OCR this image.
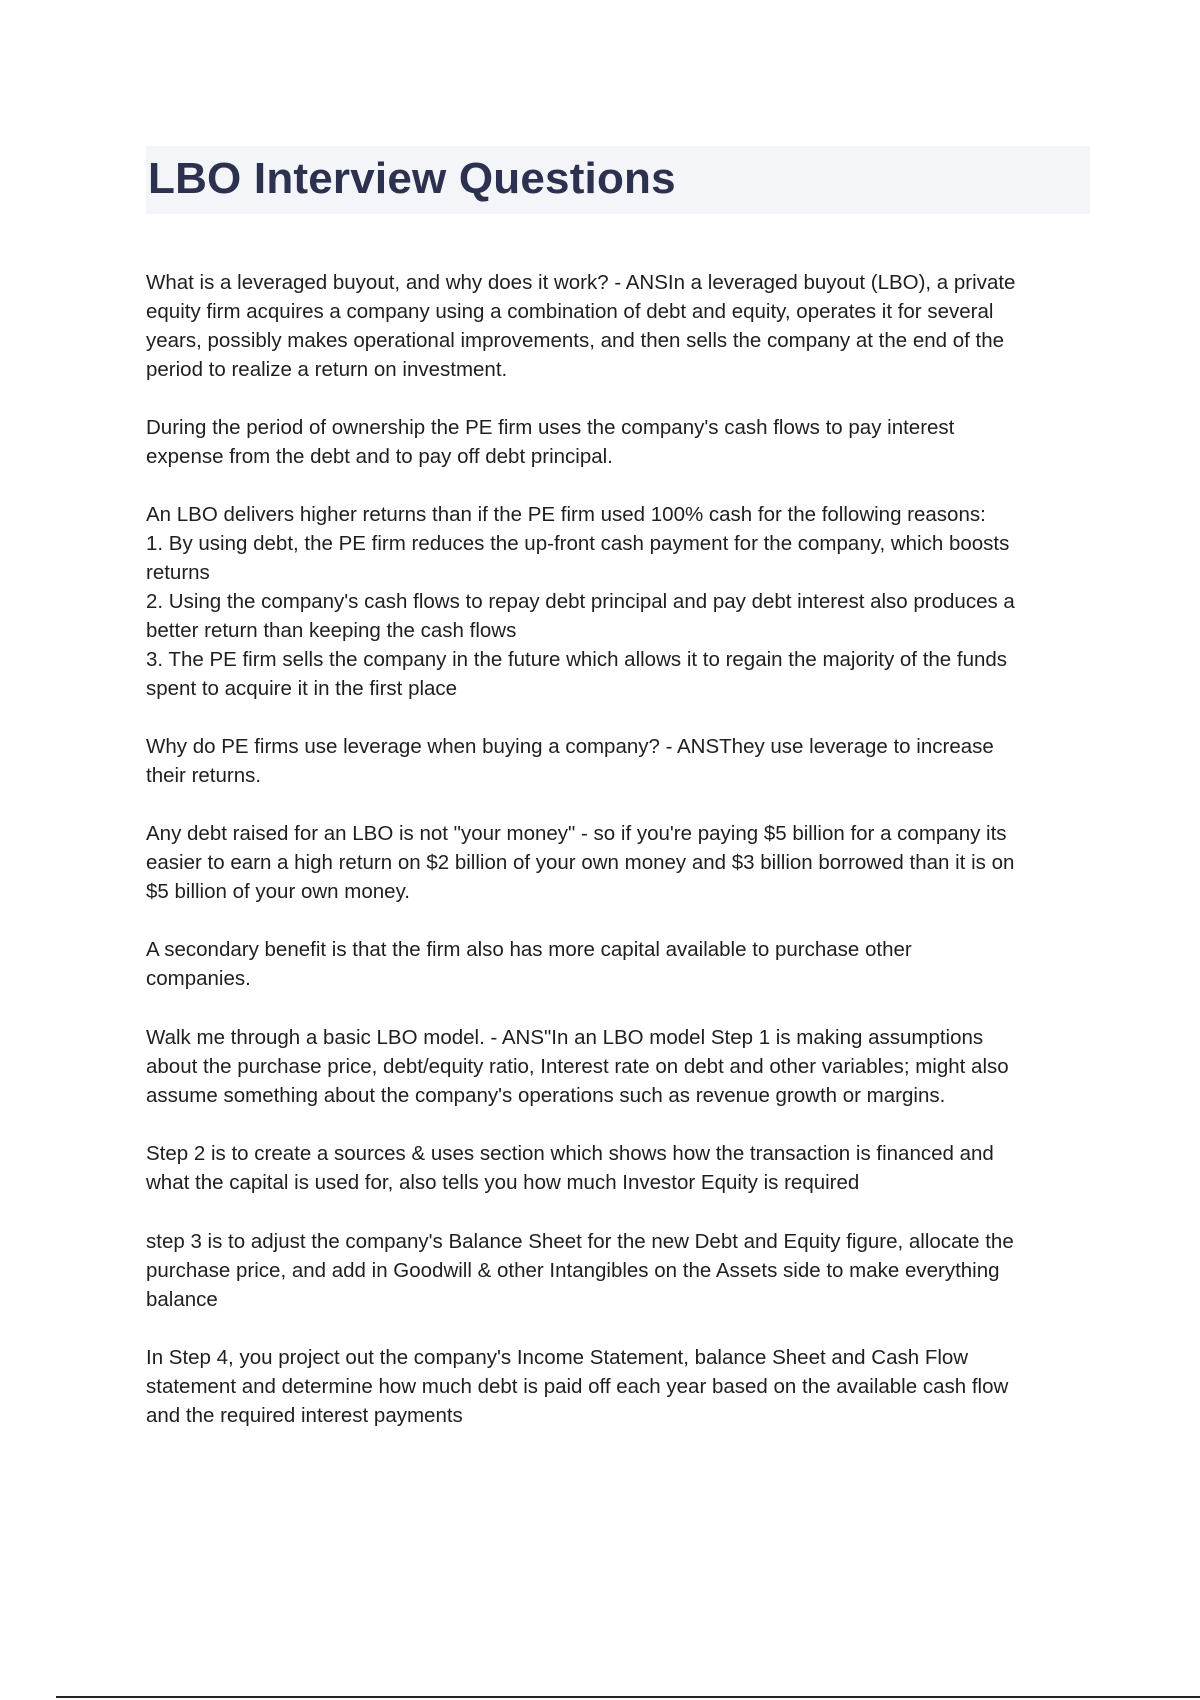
LBO Interview Questions

What is a leveraged buyout, and why does it work? - ANSIn a leveraged buyout (LBO), a private
equity firm acquires a company using a combination of debt and equity, operates it for several
years, possibly makes operational improvements, and then sells the company at the end of the
period to realize a return on investment.

During the period of ownership the PE firm uses the company's cash flows to pay interest
expense from the debt and to pay off debt principal.

An LBO delivers higher returns than if the PE firm used 100% cash for the following reasons:
1. By using debt, the PE firm reduces the up-front cash payment for the company, which boosts
returns
2. Using the company's cash flows to repay debt principal and pay debt interest also produces a
better return than keeping the cash flows
3. The PE firm sells the company in the future which allows it to regain the majority of the funds
spent to acquire it in the first place

Why do PE firms use leverage when buying a company? - ANSThey use leverage to increase
their returns.

Any debt raised for an LBO is not "your money" - so if you're paying $5 billion for a company its
easier to earn a high return on $2 billion of your own money and $3 billion borrowed than it is on
$5 billion of your own money.

A secondary benefit is that the firm also has more capital available to purchase other
companies.

Walk me through a basic LBO model. - ANS"In an LBO model Step 1 is making assumptions
about the purchase price, debt/equity ratio, Interest rate on debt and other variables; might also
assume something about the company's operations such as revenue growth or margins.

Step 2 is to create a sources & uses section which shows how the transaction is financed and
what the capital is used for, also tells you how much Investor Equity is required

step 3 is to adjust the company's Balance Sheet for the new Debt and Equity figure, allocate the
purchase price, and add in Goodwill & other Intangibles on the Assets side to make everything
balance

In Step 4, you project out the company's Income Statement, balance Sheet and Cash Flow
statement and determine how much debt is paid off each year based on the available cash flow
and the required interest payments
